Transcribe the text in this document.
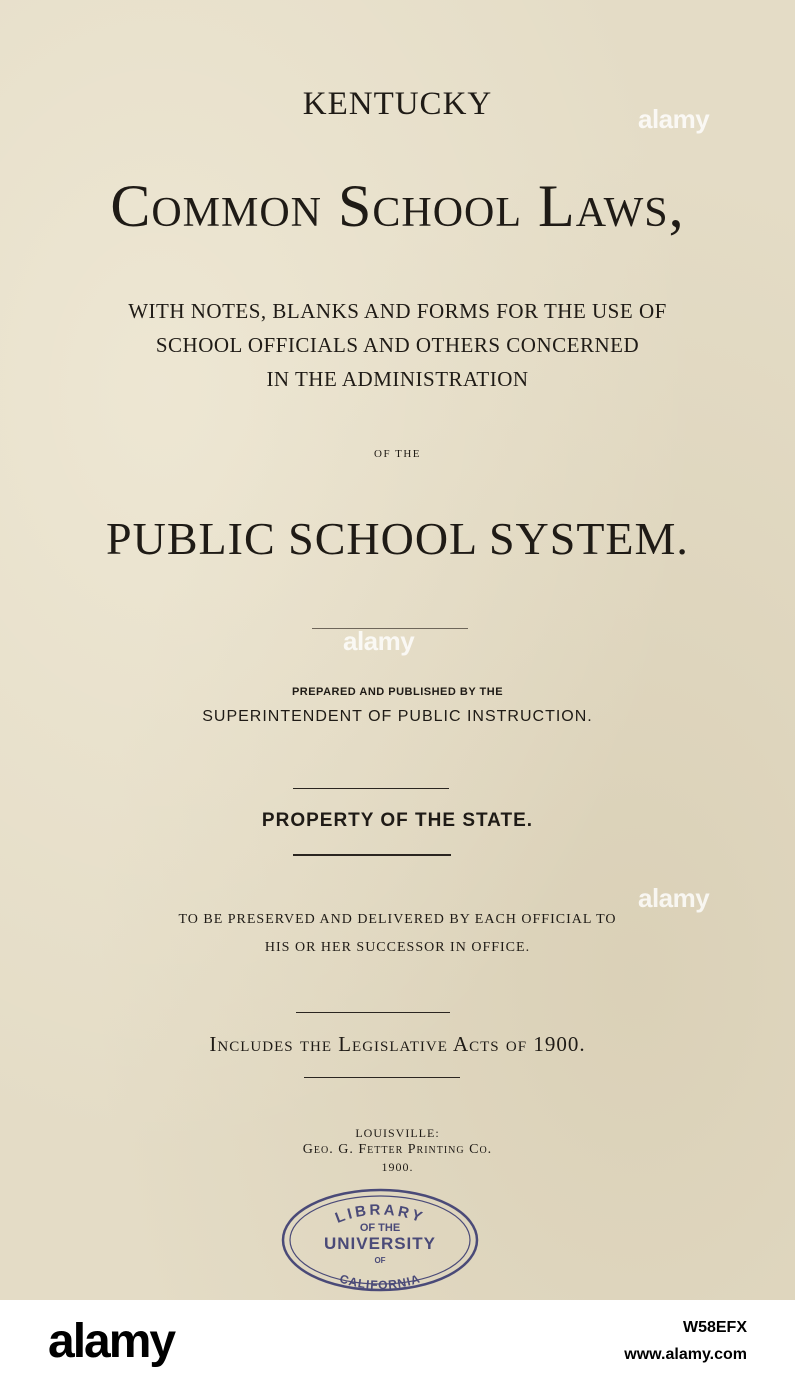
KENTUCKY

Common School Laws,

WITH NOTES, BLANKS AND FORMS FOR THE USE OF

SCHOOL OFFICIALS AND OTHERS CONCERNED

IN THE ADMINISTRATION

OF THE

PUBLIC SCHOOL SYSTEM.

PREPARED AND PUBLISHED BY THE

SUPERINTENDENT OF PUBLIC INSTRUCTION.

PROPERTY OF THE STATE.

TO BE PRESERVED AND DELIVERED BY EACH OFFICIAL TO

HIS OR HER SUCCESSOR IN OFFICE.

Includes the Legislative Acts of 1900.

LOUISVILLE:

Geo. G. Fetter Printing Co.

1900.

LIBRARY
OF THE
UNIVERSITY
OF
CALIFORNIA
alamy
alamy
alamy
alamy	W58EFX
www.alamy.com
